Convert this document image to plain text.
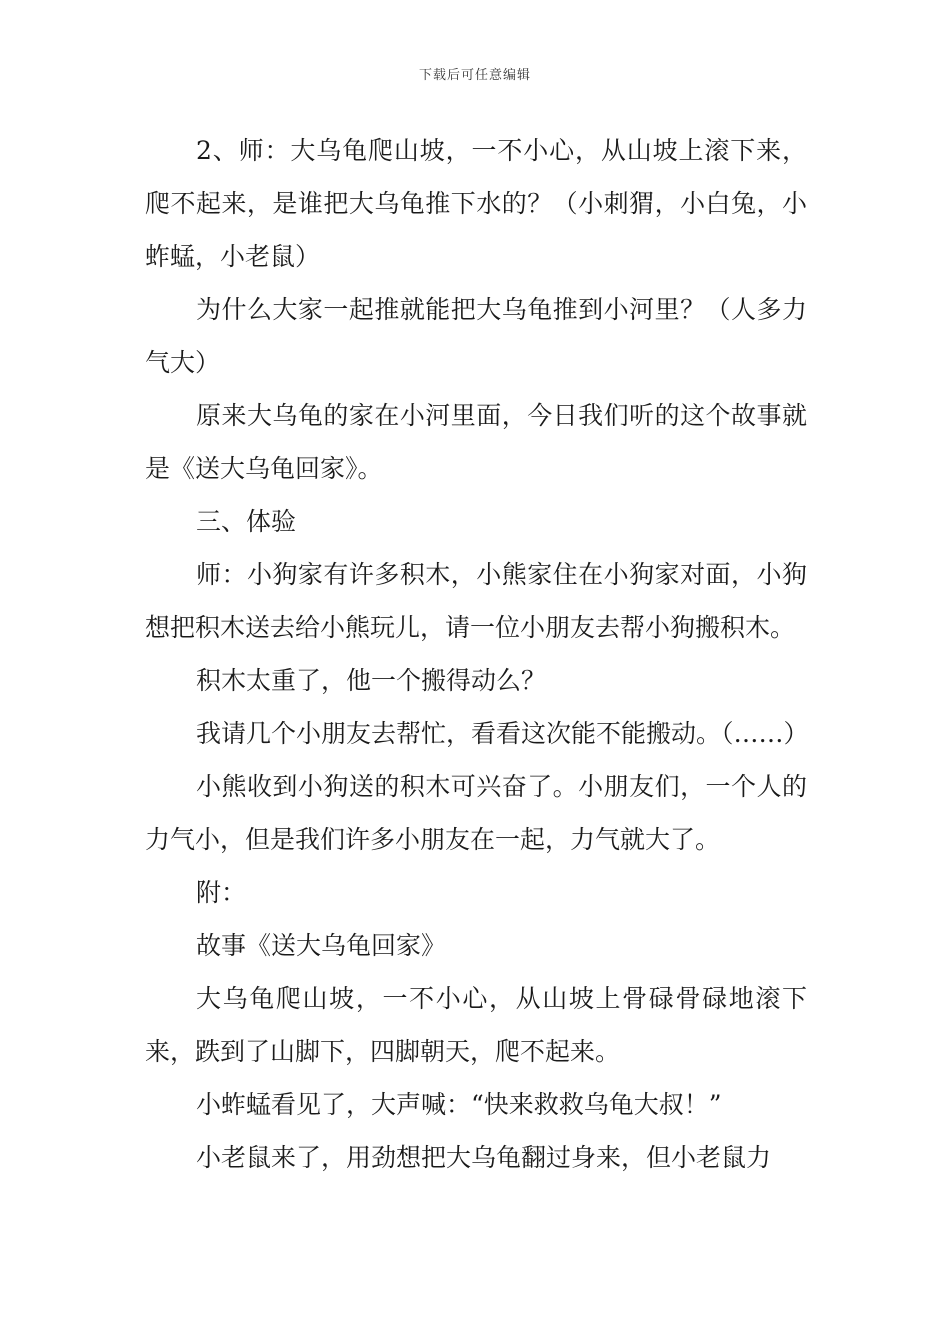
下载后可任意编辑

2、师：大乌龟爬山坡，一不小心，从山坡上滚下来，爬不起来，是谁把大乌龟推下水的？（小刺猬，小白兔，小蚱蜢，小老鼠）

为什么大家一起推就能把大乌龟推到小河里？（人多力气大）

原来大乌龟的家在小河里面，今日我们听的这个故事就是《送大乌龟回家》。

三、体验

师：小狗家有许多积木，小熊家住在小狗家对面，小狗想把积木送去给小熊玩儿，请一位小朋友去帮小狗搬积木。

积木太重了，他一个搬得动么？

我请几个小朋友去帮忙，看看这次能不能搬动。（……）

小熊收到小狗送的积木可兴奋了。小朋友们，一个人的力气小，但是我们许多小朋友在一起，力气就大了。

附：

故事《送大乌龟回家》

大乌龟爬山坡，一不小心，从山坡上骨碌骨碌地滚下来，跌到了山脚下，四脚朝天，爬不起来。

小蚱蜢看见了，大声喊：“快来救救乌龟大叔！”

小老鼠来了，用劲想把大乌龟翻过身来，但小老鼠力
